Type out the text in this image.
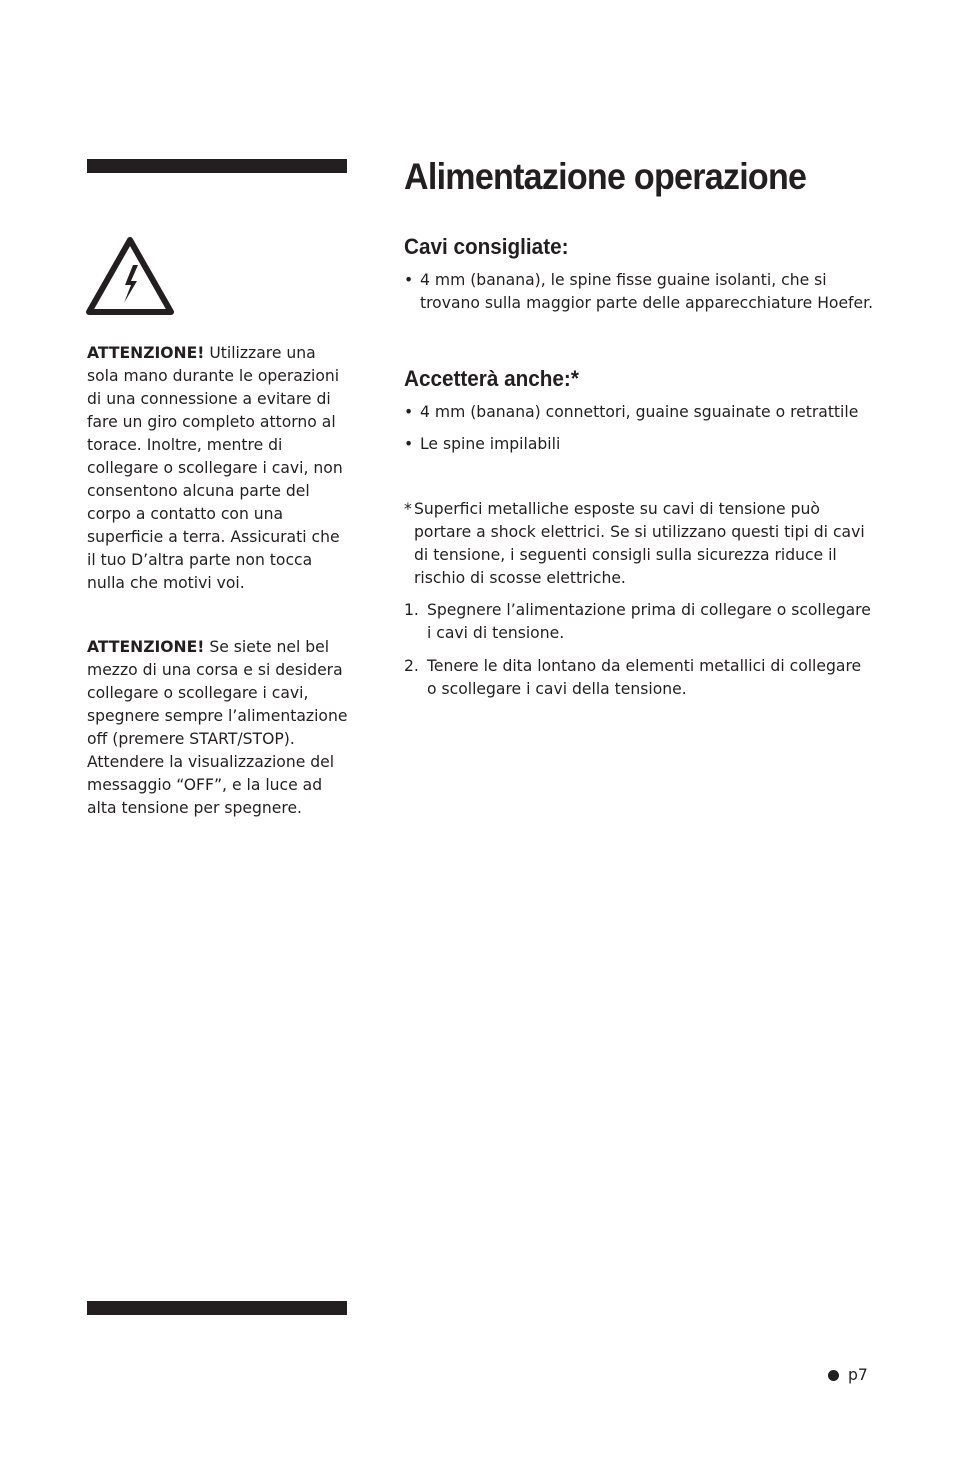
ATTENZIONE! Utilizzare una sola mano durante le operazioni di una connessione a evitare di fare un giro completo attorno al torace. Inoltre, mentre di collegare o scollegare i cavi, non consentono alcuna parte del corpo a contatto con una superficie a terra. Assicurati che il tuo D’altra parte non tocca nulla che motivi voi.

ATTENZIONE! Se siete nel bel mezzo di una corsa e si desidera collegare o scollegare i cavi, spegnere sempre l’alimentazione off (premere START/STOP). Attendere la visualizzazione del messaggio “OFF”, e la luce ad alta tensione per spegnere.

Alimentazione operazione
Cavi consigliate:
• 4 mm (banana), le spine fisse guaine isolanti, che si trovano sulla maggior parte delle apparecchiature Hoefer.
Accetterà anche:*
• 4 mm (banana) connettori, guaine sguainate o retrattile
• Le spine impilabili
* Superfici metalliche esposte su cavi di tensione può portare a shock elettrici. Se si utilizzano questi tipi di cavi di tensione, i seguenti consigli sulla sicurezza riduce il rischio di scosse elettriche.
1. Spegnere l’alimentazione prima di collegare o scollegare i cavi di tensione.
2. Tenere le dita lontano da elementi metallici di collegare o scollegare i cavi della tensione.
p7
